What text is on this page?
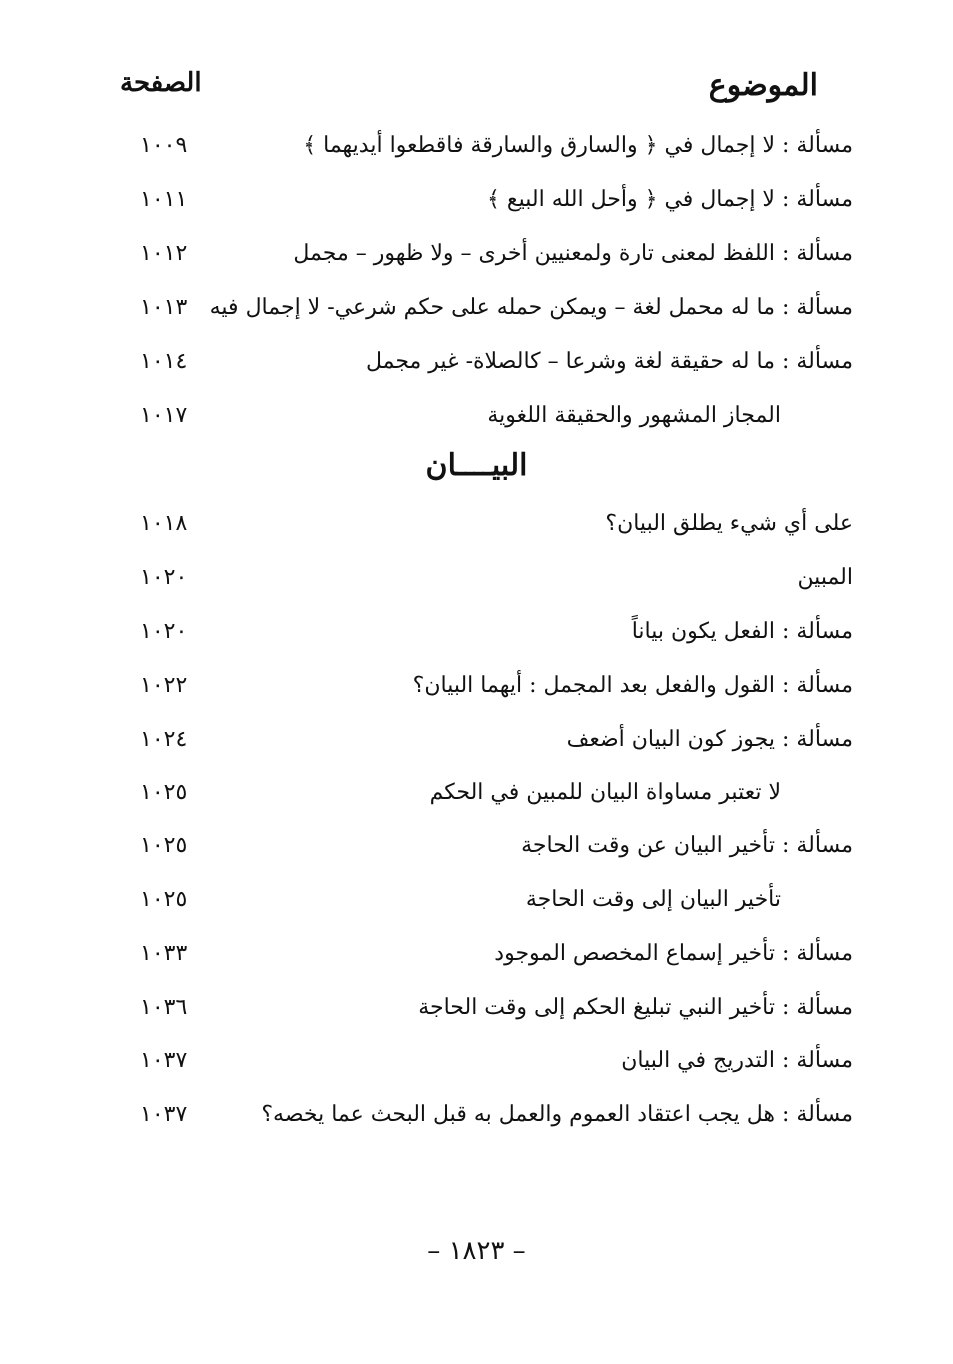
الموضوع
الصفحة
مسألة : لا إجمال في ﴿ والسارق والسارقة فاقطعوا أيديهما ﴾
١٠٠٩
مسألة : لا إجمال في ﴿ وأحل الله البيع ﴾
١٠١١
مسألة : اللفظ لمعنى تارة ولمعنيين أخرى – ولا ظهور – مجمل
١٠١٢
مسألة : ما له محمل لغة – ويمكن حمله على حكم شرعي- لا إجمال فيه
١٠١٣
مسألة : ما له حقيقة لغة وشرعا – كالصلاة- غير مجمل
١٠١٤
المجاز المشهور والحقيقة اللغوية
١٠١٧
البيــــان
على أي شيء يطلق البيان؟
١٠١٨
المبين
١٠٢٠
مسألة : الفعل يكون بياناً
١٠٢٠
مسألة : القول والفعل بعد المجمل : أيهما البيان؟
١٠٢٢
مسألة : يجوز كون البيان أضعف
١٠٢٤
لا تعتبر مساواة البيان للمبين في الحكم
١٠٢٥
مسألة : تأخير البيان عن وقت الحاجة
١٠٢٥
تأخير البيان إلى وقت الحاجة
١٠٢٥
مسألة : تأخير إسماع المخصص الموجود
١٠٣٣
مسألة : تأخير النبي تبليغ الحكم إلى وقت الحاجة
١٠٣٦
مسألة : التدريج في البيان
١٠٣٧
مسألة : هل يجب اعتقاد العموم والعمل به قبل البحث عما يخصه؟
١٠٣٧
– ١٨٢٣ –
